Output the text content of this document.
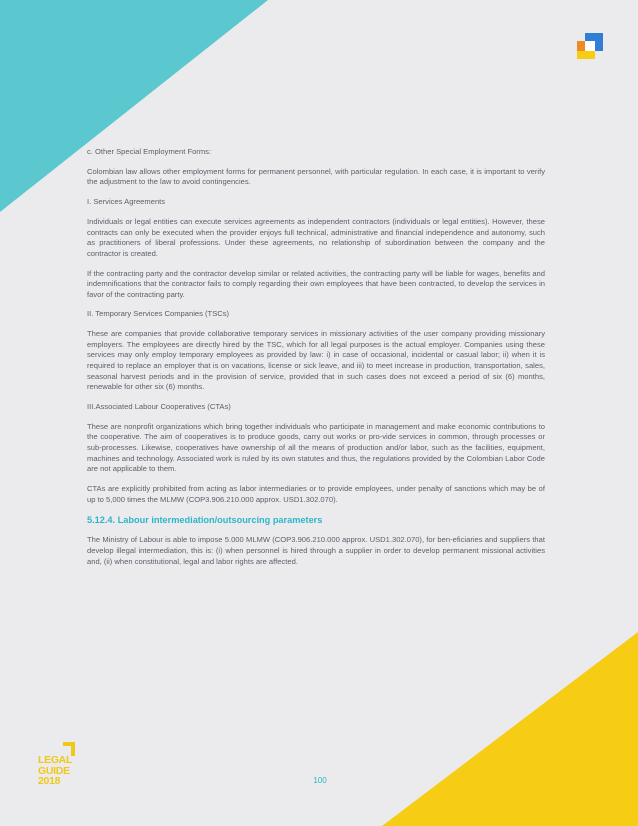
c. Other Special Employment Forms:

Colombian law allows other employment forms for permanent personnel, with particular regulation. In each case, it is important to verify the adjustment to the law to avoid contingencies.

I. Services Agreements

Individuals or legal entities can execute services agreements as independent contractors (individuals or legal entities). However, these contracts can only be executed when the provider enjoys full technical, administrative and financial independence and autonomy, such as practitioners of liberal professions. Under these agreements, no relationship of subordination between the company and the contractor is created.

If the contracting party and the contractor develop similar or related activities, the contracting party will be liable for wages, benefits and indemnifications that the contractor fails to comply regarding their own employees that have been contracted, to develop the services in favor of the contracting party.

II. Temporary Services Companies (TSCs)

These are companies that provide collaborative temporary services in missionary activities of the user company providing missionary employers. The employees are directly hired by the TSC, which for all legal purposes is the actual employer. Companies using these services may only employ temporary employees as provided by law: i) in case of occasional, incidental or casual labor; ii) when it is required to replace an employer that is on vacations, license or sick leave, and iii) to meet increase in production, transportation, sales, seasonal harvest periods and in the provision of service, provided that in such cases does not exceed a period of six (6) months, renewable for other six (6) months.

III.Associated Labour Cooperatives (CTAs)

These are nonprofit organizations which bring together individuals who participate in management and make economic contributions to the cooperative. The aim of cooperatives is to produce goods, carry out works or pro-vide services in common, through processes or sub-processes. Likewise, cooperatives have ownership of all the means of production and/or labor, such as the facilities, equipment, machines and technology. Associated work is ruled by its own statutes and thus, the regulations provided by the Colombian Labor Code are not applicable to them.

CTAs are explicitly prohibited from acting as labor intermediaries or to provide employees, under penalty of sanctions which may be of up to 5,000 times the MLMW (COP3.906.210.000 approx. USD1.302.070).

5.12.4. Labour intermediation/outsourcing parameters

The Ministry of Labour is able to impose 5.000 MLMW (COP3.906.210.000 approx. USD1.302.070), for ben-eficiaries and suppliers that develop illegal intermediation, this is: (i) when personnel is hired through a supplier in order to develop permanent missional activities and, (ii) when constitutional, legal and labor rights are affected.

LEGAL
GUIDE
2018	100
